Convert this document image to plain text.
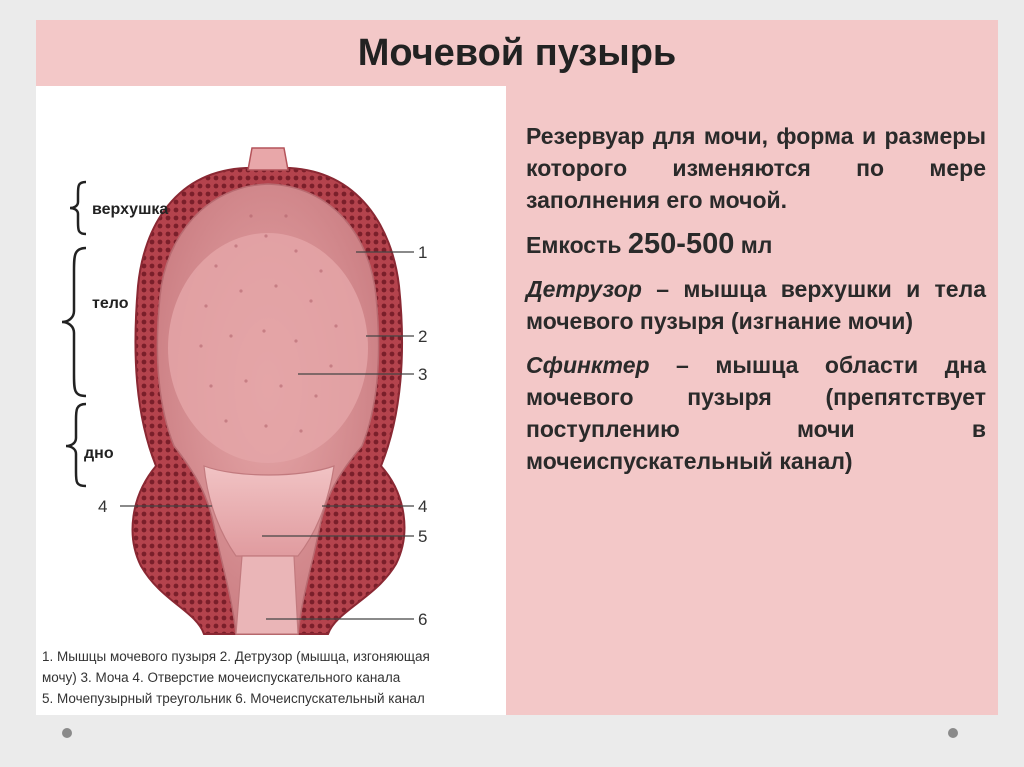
Мочевой пузырь
верхушка
тело
дно
1
2
3
4	4
5
6
1. Мышцы мочевого пузыря 2. Детрузор (мышца, изгоняющая
мочу) 3. Моча 4. Отверстие мочеиспускательного канала
5. Мочепузырный треугольник 6. Мочеиспускательный канал

Резервуар для мочи, форма и размеры которого изменяются по мере заполнения его мочой.

Емкость 250-500 мл

Детрузор – мышца верхушки и тела мочевого пузыря (изгнание мочи)

Сфинктер – мышца области дна мочевого пузыря (препятствует поступлению мочи в мочеиспускательный канал)
